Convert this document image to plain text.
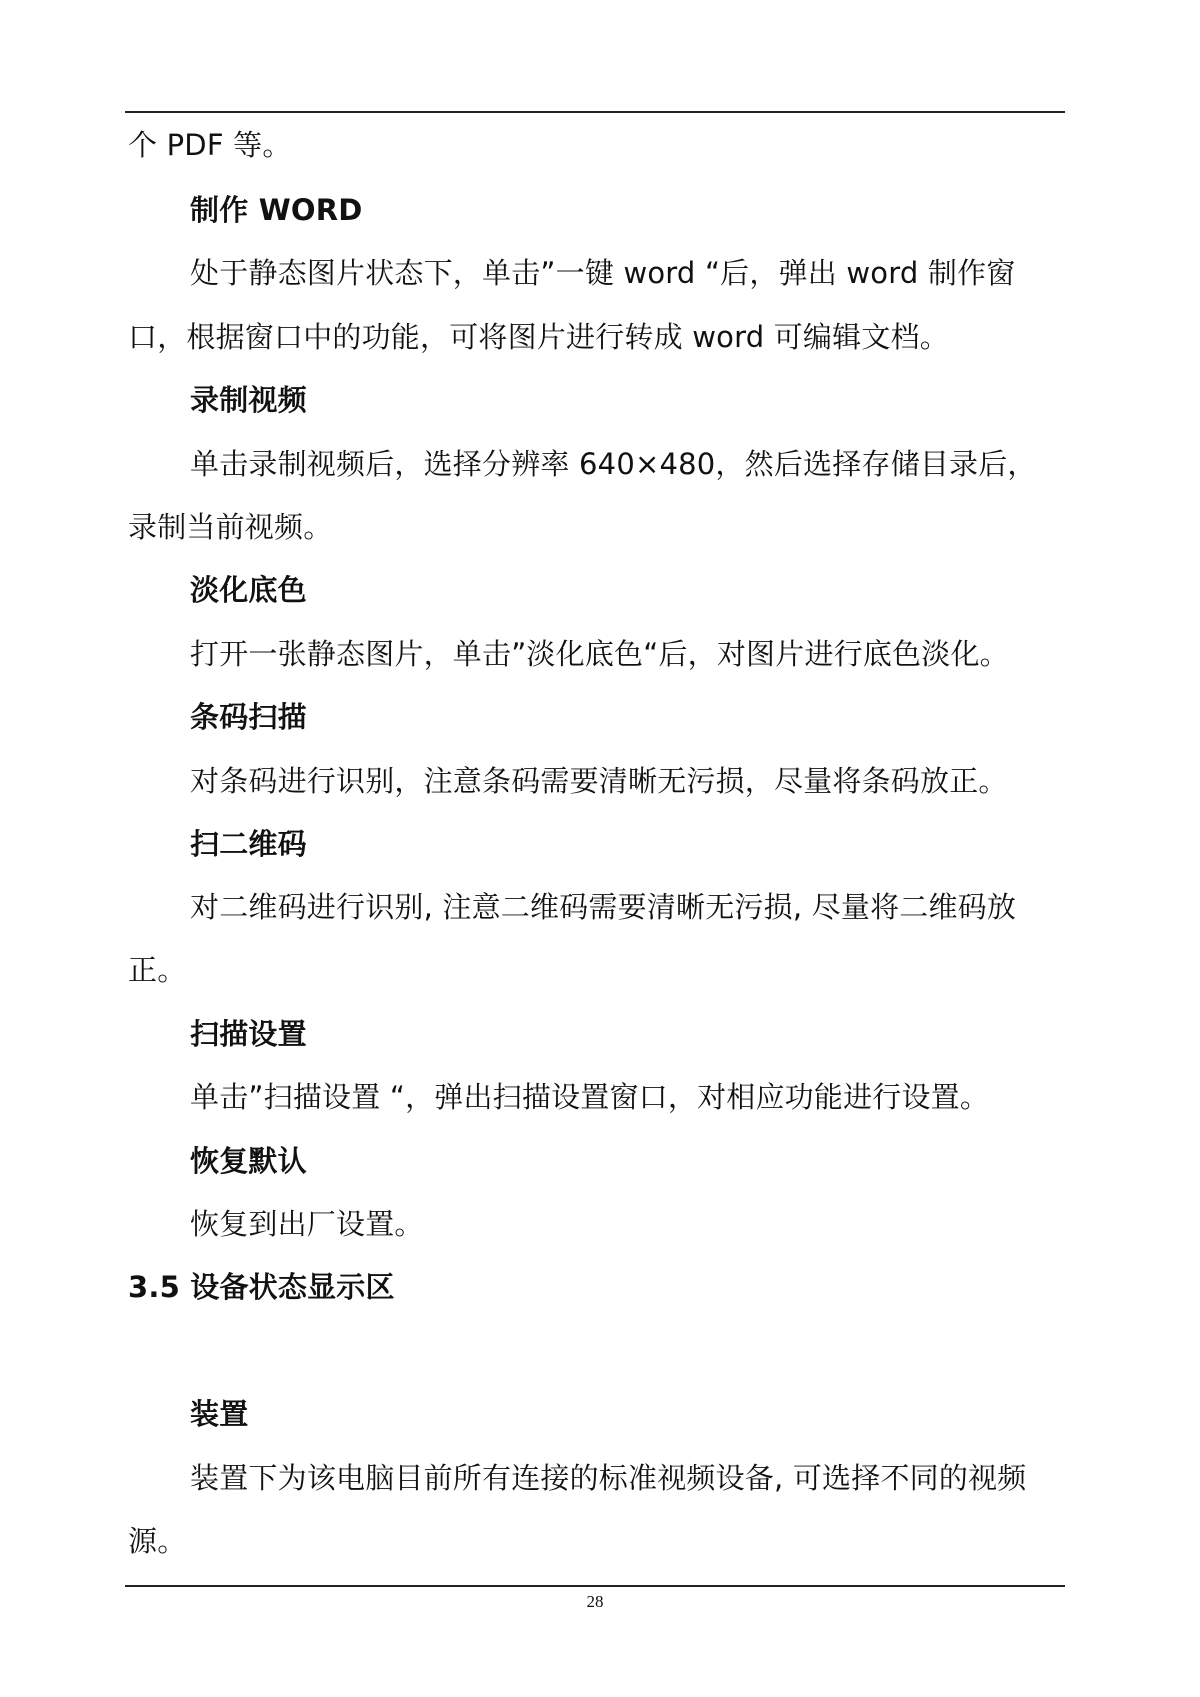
个 PDF 等。
制作 WORD
处于静态图片状态下，单击”一键 word “后，弹出 word 制作窗
口，根据窗口中的功能，可将图片进行转成 word 可编辑文档。
录制视频
单击录制视频后，选择分辨率 640×480，然后选择存储目录后，
录制当前视频。
淡化底色
打开一张静态图片，单击”淡化底色“后，对图片进行底色淡化。
条码扫描
对条码进行识别，注意条码需要清晰无污损，尽量将条码放正。
扫二维码
对二维码进行识别, 注意二维码需要清晰无污损, 尽量将二维码放
正。
扫描设置
单击”扫描设置 “，弹出扫描设置窗口，对相应功能进行设置。
恢复默认
恢复到出厂设置。
3.5 设备状态显示区
装置
装置下为该电脑目前所有连接的标准视频设备, 可选择不同的视频
源。
28
